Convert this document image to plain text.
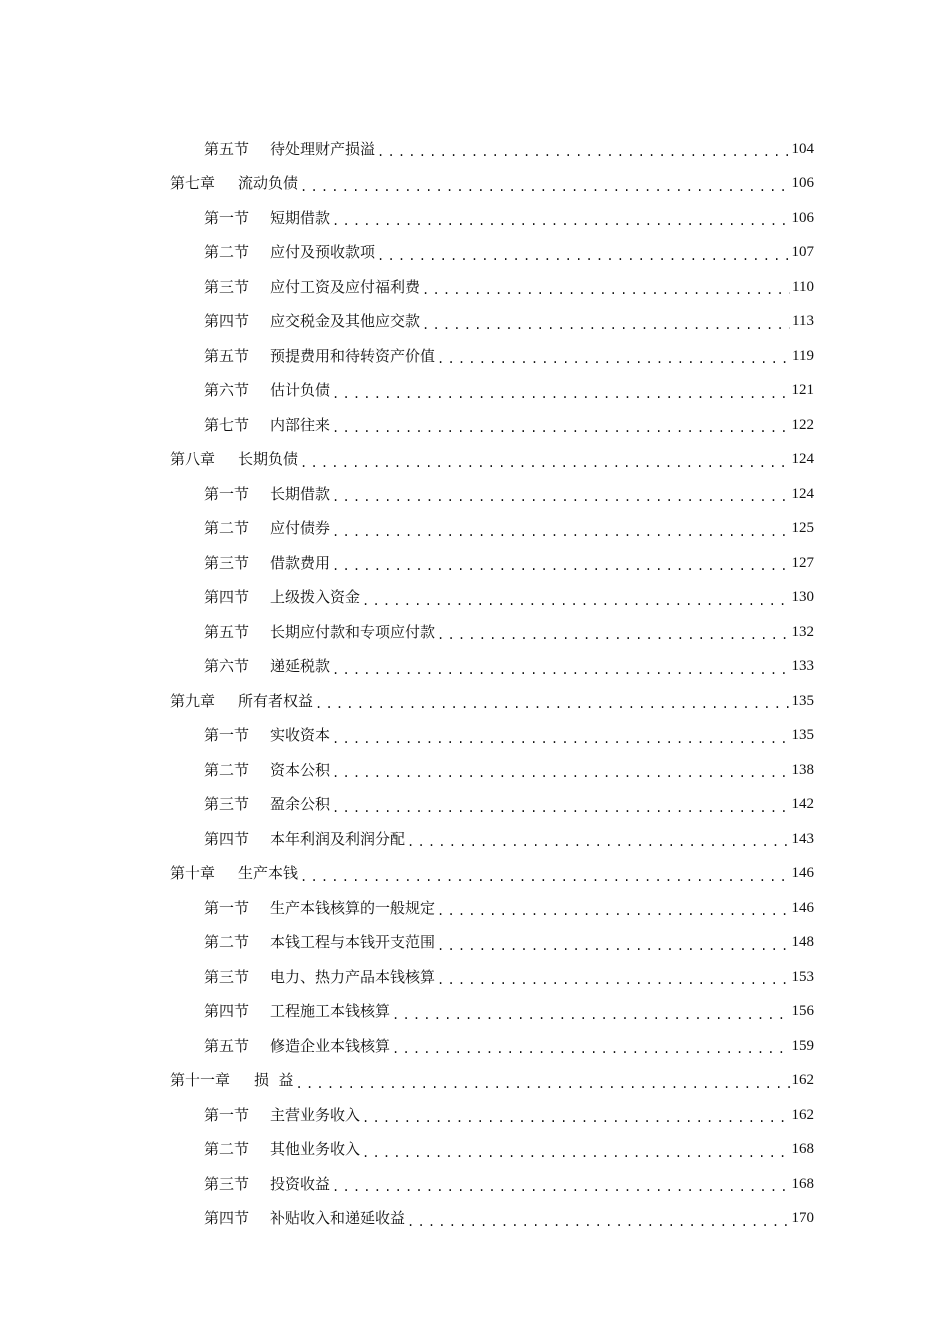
第五节	待处理财产损溢 .....	104
第七章	流动负债 .....	106
第一节	短期借款 .....	106
第二节	应付及预收款项 .....	107
第三节	应付工资及应付福利费 .....	110
第四节	应交税金及其他应交款 .....	113
第五节	预提费用和待转资产价值 .....	119
第六节	估计负债 .....	121
第七节	内部往来 .....	122
第八章	长期负债 .....	124
第一节	长期借款 .....	124
第二节	应付债券 .....	125
第三节	借款费用 .....	127
第四节	上级拨入资金 .....	130
第五节	长期应付款和专项应付款 .....	132
第六节	递延税款 .....	133
第九章	所有者权益 .....	135
第一节	实收资本 .....	135
第二节	资本公积 .....	138
第三节	盈余公积 .....	142
第四节	本年利润及利润分配 .....	143
第十章	生产本钱 .....	146
第一节	生产本钱核算的一般规定 .....	146
第二节	本钱工程与本钱开支范围 .....	148
第三节	电力、热力产品本钱核算 .....	153
第四节	工程施工本钱核算 .....	156
第五节	修造企业本钱核算 .....	159
第十一章	损  益 .....	162
第一节	主营业务收入 .....	162
第二节	其他业务收入 .....	168
第三节	投资收益 .....	168
第四节	补贴收入和递延收益 .....	170
